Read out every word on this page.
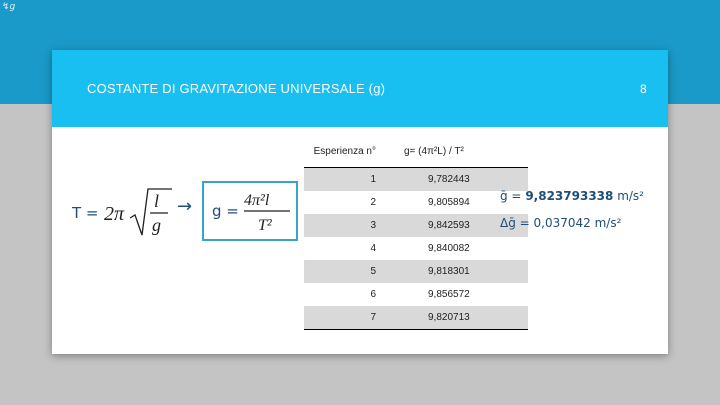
↯g
COSTANTE DI GRAVITAZIONE UNIVERSALE (g)	8
T = 2π
l
g
→ g =
4π²l
T²
Esperienza n°	g= (4π²L) / T²
1	9,782443
2	9,805894
3	9,842593
4	9,840082
5	9,818301
6	9,856572
7	9,820713
ḡ = 9,823793338 m/s²
Δḡ = 0,037042 m/s²
